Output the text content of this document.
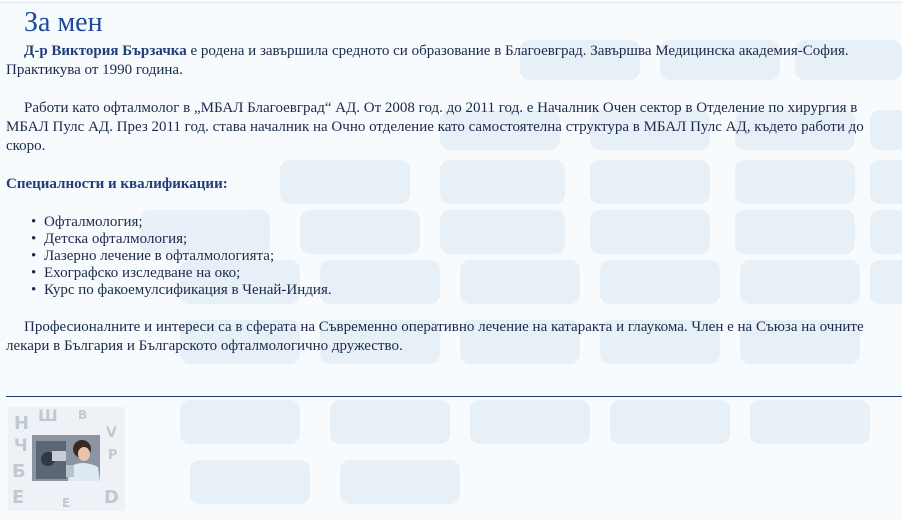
За мен

Д-р Виктория Бързачка е родена и завършила средното си образование в Благоевград. Завършва Медицинска академия-София. Практикува от 1990 година.

Работи като офталмолог в „МБАЛ Благоевград“ АД. От 2008 год. до 2011 год. е Началник Очен сектор в Отделение по хирургия в МБАЛ Пулс АД. През 2011 год. става началник на Очно отделение като самостоятелна структура в МБАЛ Пулс АД, където работи до скоро.

Специалности и квалификации:
• Офталмология;
• Детска офталмология;
• Лазерно лечение в офталмологията;
• Ехографско изследване на око;
• Курс по факоемулсификация в Ченай-Индия.

Професионалните и интереси са в сферата на Съвременно оперативно лечение на катаракта и глаукома. Член е на Съюза на очните лекари в България и Българското офталмологично дружество.

Н Ш
Ч
Б
Е	D
V
P
B
E
